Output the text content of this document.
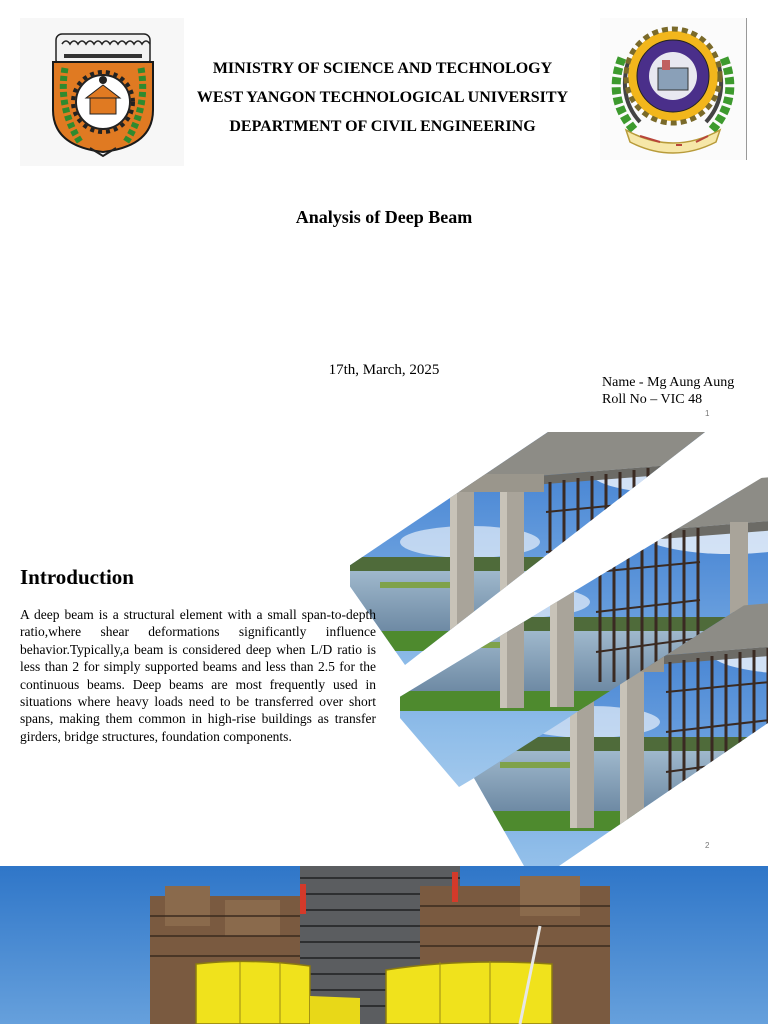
MINISTRY OF SCIENCE AND TECHNOLOGY
WEST YANGON TECHNOLOGICAL UNIVERSITY
DEPARTMENT OF CIVIL ENGINEERING
Analysis of Deep Beam
17th, March, 2025
Name - Mg Aung Aung
Roll No – VIC 48
1
Introduction
A deep beam is a structural element with a small span-to-depth ratio,where shear deformations significantly influence behavior.Typically,a beam is considered deep when L/D ratio is less than 2 for simply supported beams and less than 2.5 for the continuous beams. Deep beams are most frequently used in situations where heavy loads need to be transferred over short spans, making them common in high-rise buildings as transfer girders, bridge structures, foundation components.
2
